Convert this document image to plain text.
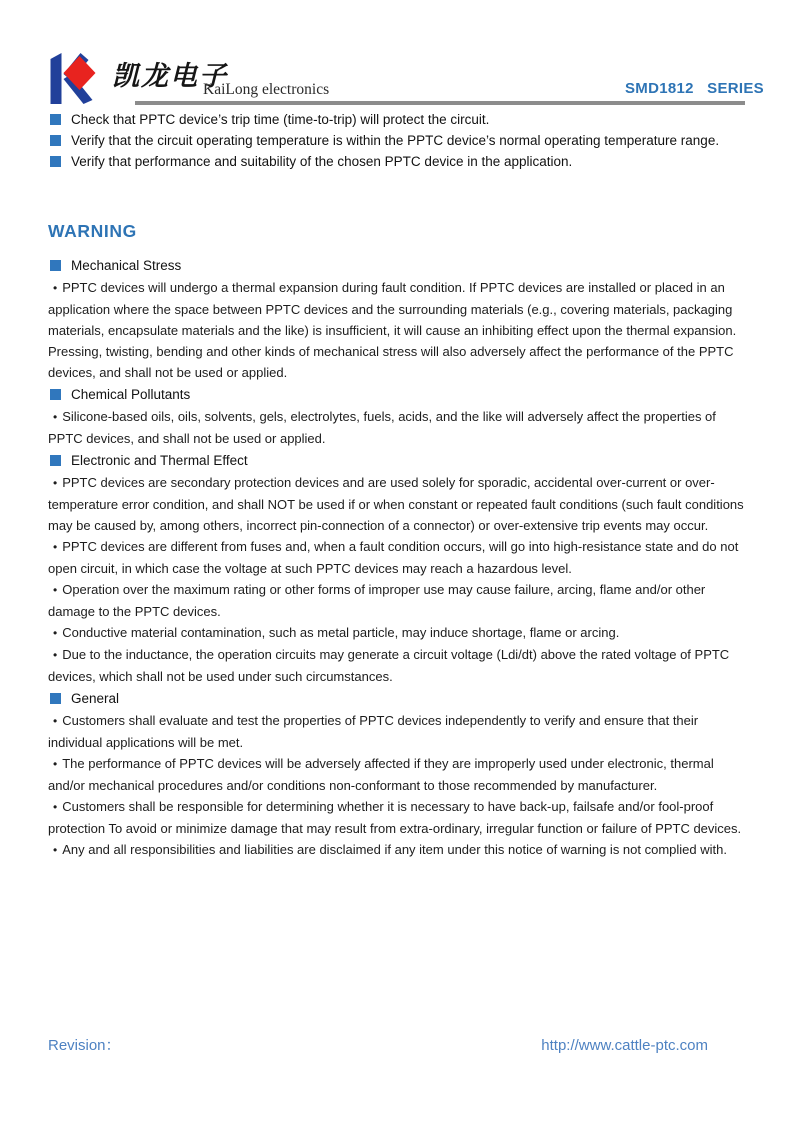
凯龙电子
KaiLong electronics	SMD1812   SERIES
Check that PPTC device’s trip time (time-to-trip) will protect the circuit.
Verify that the circuit operating temperature is within the PPTC device’s normal operating temperature range.
Verify that performance and suitability of the chosen PPTC device in the application.
WARNING
Mechanical Stress
• PPTC devices will undergo a thermal expansion during fault condition. If PPTC devices are installed or placed in an application where the space between PPTC devices and the surrounding materials (e.g., covering materials, packaging materials, encapsulate materials and the like) is insufficient, it will cause an inhibiting effect upon the thermal expansion. Pressing, twisting, bending and other kinds of mechanical stress will also adversely affect the performance of the PPTC devices, and shall not be used or applied.
Chemical Pollutants
• Silicone-based oils, oils, solvents, gels, electrolytes, fuels, acids, and the like will adversely affect the properties of PPTC devices, and shall not be used or applied.
Electronic and Thermal Effect
• PPTC devices are secondary protection devices and are used solely for sporadic, accidental over-current or over-temperature error condition, and shall NOT be used if or when constant or repeated fault conditions (such fault conditions may be caused by, among others, incorrect pin-connection of a connector) or over-extensive trip events may occur.
• PPTC devices are different from fuses and, when a fault condition occurs, will go into high-resistance state and do not open circuit, in which case the voltage at such PPTC devices may reach a hazardous level.
• Operation over the maximum rating or other forms of improper use may cause failure, arcing, flame and/or other damage to the PPTC devices.
• Conductive material contamination, such as metal particle, may induce shortage, flame or arcing.
• Due to the inductance, the operation circuits may generate a circuit voltage (Ldi/dt) above the rated voltage of PPTC devices, which shall not be used under such circumstances.
General
• Customers shall evaluate and test the properties of PPTC devices independently to verify and ensure that their individual applications will be met.
• The performance of PPTC devices will be adversely affected if they are improperly used under electronic, thermal and/or mechanical procedures and/or conditions non-conformant to those recommended by manufacturer.
• Customers shall be responsible for determining whether it is necessary to have back-up, failsafe and/or fool-proof protection To avoid or minimize damage that may result from extra-ordinary, irregular function or failure of PPTC devices.
• Any and all responsibilities and liabilities are disclaimed if any item under this notice of warning is not complied with.
Revision：	http://www.cattle-ptc.com
